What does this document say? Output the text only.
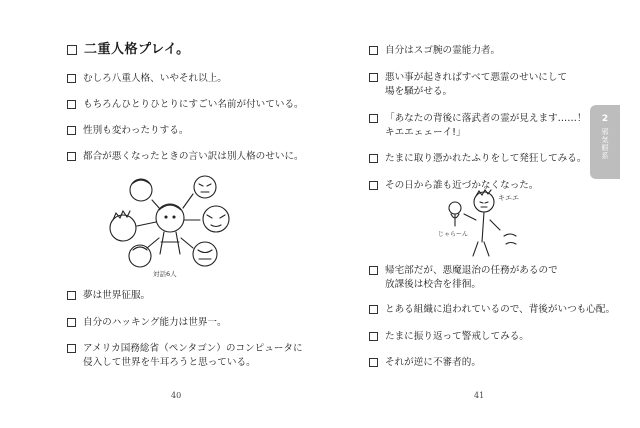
二重人格プレイ。
むしろ八重人格、いやそれ以上。
もちろんひとりひとりにすごい名前が付いている。
性別も変わったりする。
都合が悪くなったときの言い訳は別人格のせいに。
対話6人
夢は世界征服。
自分のハッキング能力は世界一。
アメリカ国務総省（ペンタゴン）のコンピュータに
侵入して世界を牛耳ろうと思っている。
40
自分はスゴ腕の霊能力者。
悪い事が起きればすべて悪霊のせいにして
場を騒がせる。
「あなたの背後に落武者の霊が見えます……！
キエエェェーイ!」
たまに取り憑かれたふりをして発狂してみる。
その日から誰も近づかなくなった。
キエエ
じゃらーん
帰宅部だが、悪魔退治の任務があるので
放課後は校舎を徘徊。
とある組織に追われているので、背後がいつも心配。
たまに振り返って警戒してみる。
それが逆に不審者的。
41
2
邪気眼系
